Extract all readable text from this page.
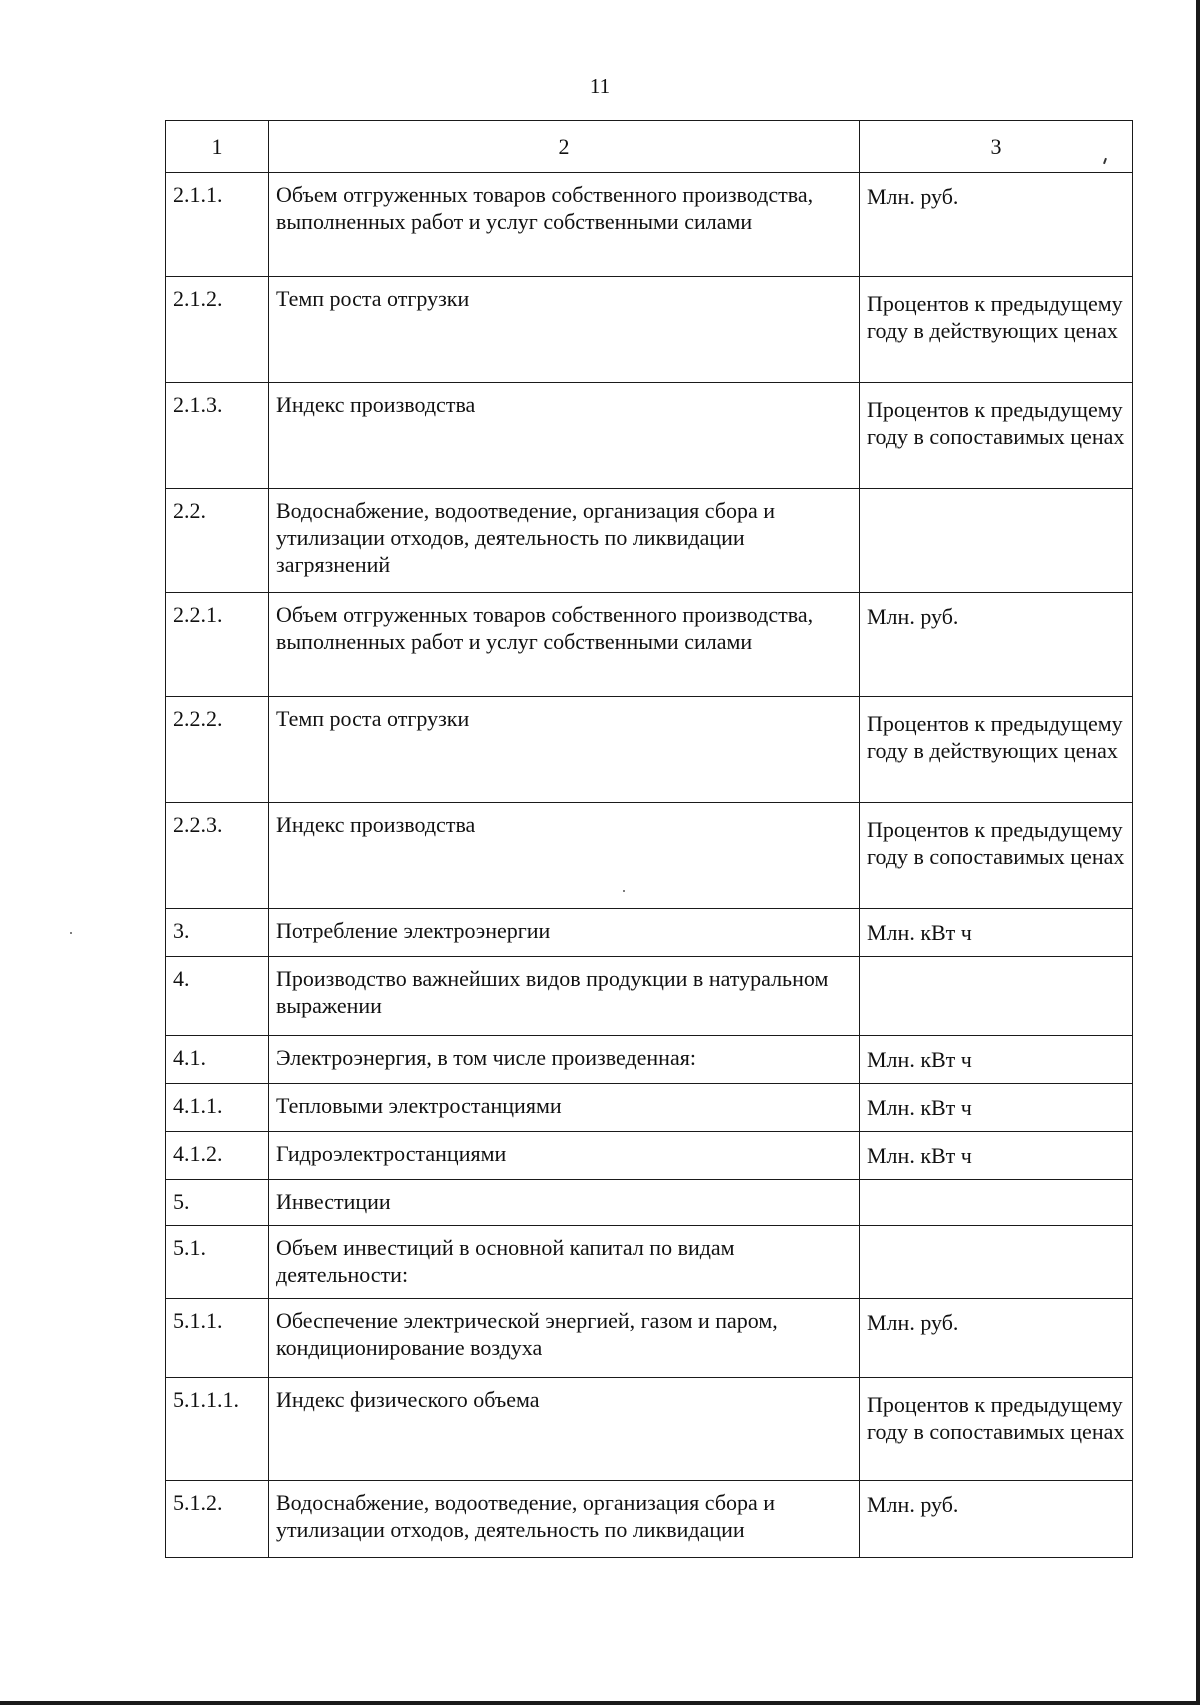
11
1	2	3
2.1.1.	Объем отгруженных товаров собственного производства, выполненных работ и услуг собственными силами	Млн. руб.
2.1.2.	Темп роста отгрузки	Процентов к предыдущему году в действующих ценах
2.1.3.	Индекс производства	Процентов к предыдущему году в сопоставимых ценах
2.2.	Водоснабжение, водоотведение, организация сбора и утилизации отходов, деятельность по ликвидации загрязнений	
2.2.1.	Объем отгруженных товаров собственного производства, выполненных работ и услуг собственными силами	Млн. руб.
2.2.2.	Темп роста отгрузки	Процентов к предыдущему году в действующих ценах
2.2.3.	Индекс производства	Процентов к предыдущему году в сопоставимых ценах
3.	Потребление электроэнергии	Млн. кВт ч
4.	Производство важнейших видов продукции в натуральном выражении	
4.1.	Электроэнергия, в том числе произведенная:	Млн. кВт ч
4.1.1.	Тепловыми электростанциями	Млн. кВт ч
4.1.2.	Гидроэлектростанциями	Млн. кВт ч
5.	Инвестиции	
5.1.	Объем инвестиций в основной капитал по видам деятельности:	
5.1.1.	Обеспечение электрической энергией, газом и паром, кондиционирование воздуха	Млн. руб.
5.1.1.1.	Индекс физического объема	Процентов к предыдущему году в сопоставимых ценах
5.1.2.	Водоснабжение, водоотведение, организация сбора и утилизации отходов, деятельность по ликвидации	Млн. руб.
